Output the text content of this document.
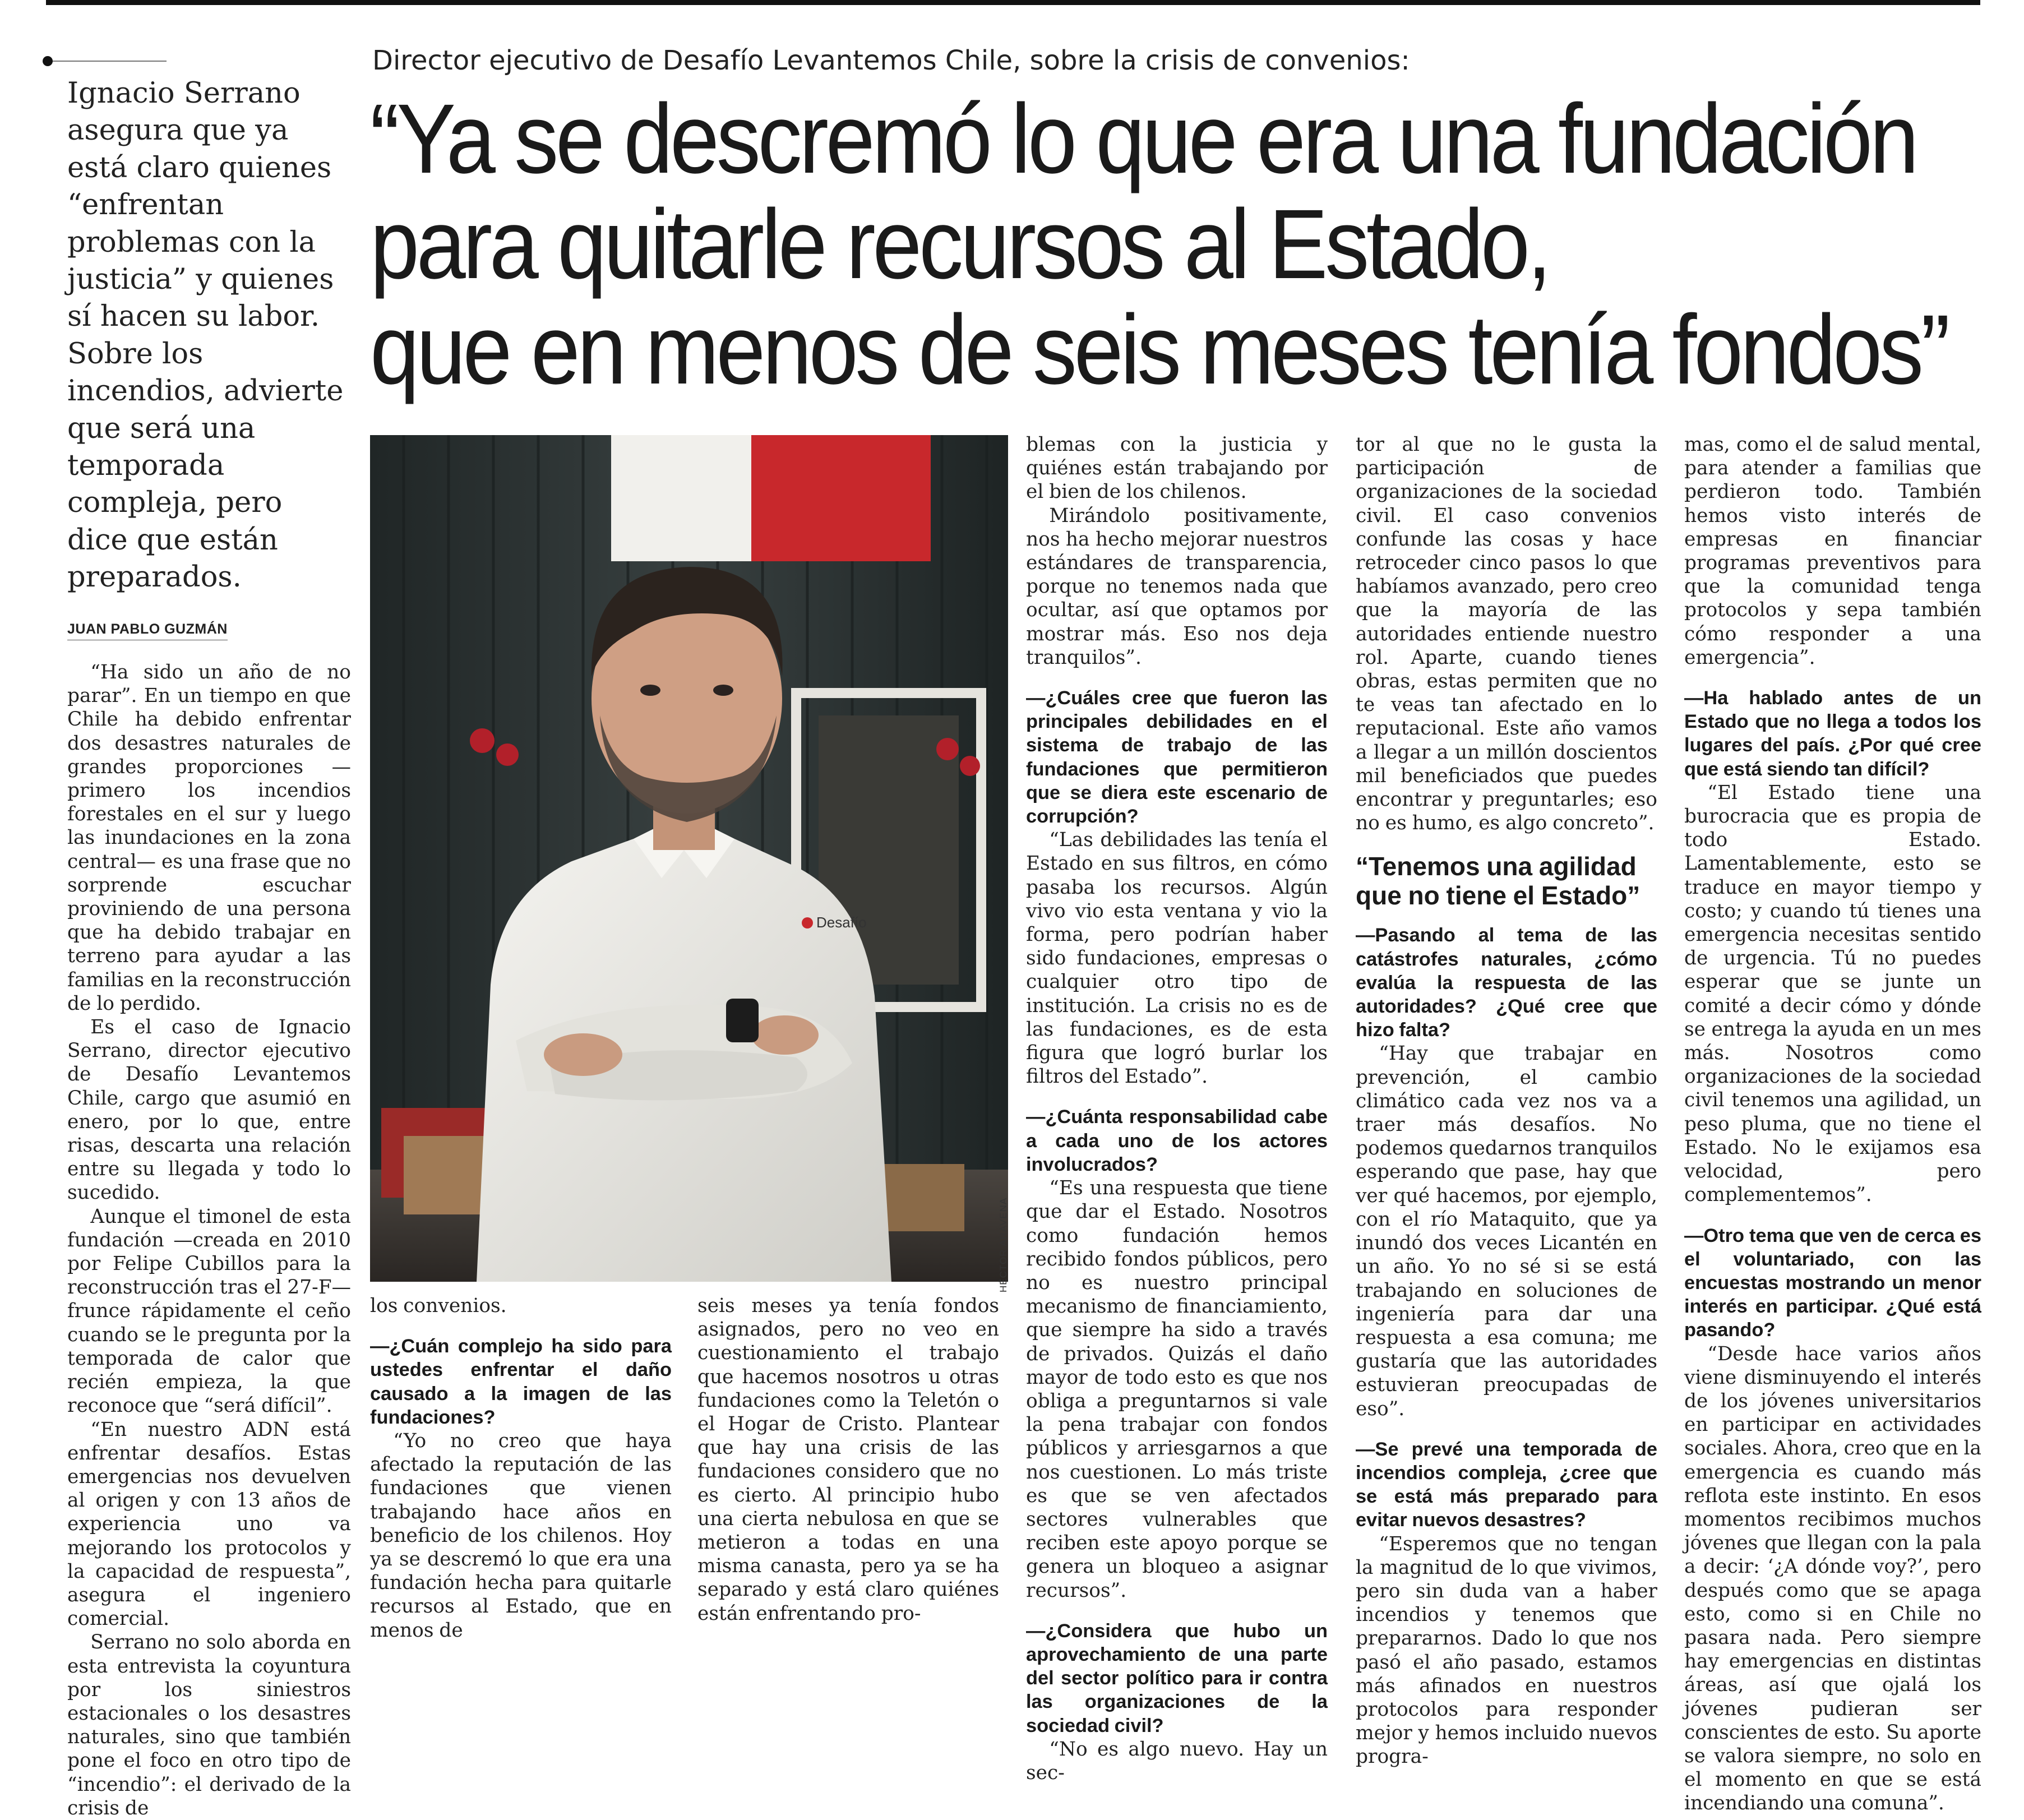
Ignacio Serrano
asegura que ya
está claro quienes
“enfrentan
problemas con la
justicia” y quienes
sí hacen su labor.
Sobre los
incendios, advierte
que será una
temporada
compleja, pero
dice que están
preparados.
JUAN PABLO GUZMÁN
Director ejecutivo de Desafío Levantemos Chile, sobre la crisis de convenios:
“Ya se descremó lo que era una fundación
para quitarle recursos al Estado,
que en menos de seis meses tenía fondos”
Desafío
HÉCTOR ARAVENA

“Ha sido un año de no parar”. En un tiempo en que Chile ha debido enfrentar dos desastres naturales de grandes proporciones —primero los incendios forestales en el sur y luego las inundaciones en la zona central— es una frase que no sorprende escuchar proviniendo de una persona que ha debido trabajar en terreno para ayudar a las familias en la reconstrucción de lo perdido.

Es el caso de Ignacio Serrano, director ejecutivo de Desafío Levantemos Chile, cargo que asumió en enero, por lo que, entre risas, descarta una relación entre su llegada y todo lo sucedido.

Aunque el timonel de esta fundación —creada en 2010 por Felipe Cubillos para la reconstrucción tras el 27-F— frunce rápidamente el ceño cuando se le pregunta por la temporada de calor que recién empieza, la que reconoce que “será difícil”.

“En nuestro ADN está enfrentar desafíos. Estas emergencias nos devuelven al origen y con 13 años de experiencia uno va mejorando los protocolos y la capacidad de respuesta”, asegura el ingeniero comercial.

Serrano no solo aborda en esta entrevista la coyuntura por los siniestros estacionales o los desastres naturales, sino que también pone el foco en otro tipo de “incendio”: el derivado de la crisis de

los convenios.

—¿Cuán complejo ha sido para ustedes enfrentar el daño causado a la imagen de las fundaciones?

“Yo no creo que haya afectado la reputación de las fundaciones que vienen trabajando hace años en beneficio de los chilenos. Hoy ya se descremó lo que era una fundación hecha para quitarle recursos al Estado, que en menos de

seis meses ya tenía fondos asignados, pero no veo en cuestionamiento el trabajo que hacemos nosotros u otras fundaciones como la Teletón o el Hogar de Cristo. Plantear que hay una crisis de las fundaciones considero que no es cierto. Al principio hubo una cierta nebulosa en que se metieron a todas en una misma canasta, pero ya se ha separado y está claro quiénes están enfrentando pro-

blemas con la justicia y quiénes están trabajando por el bien de los chilenos.

Mirándolo positivamente, nos ha hecho mejorar nuestros estándares de transparencia, porque no tenemos nada que ocultar, así que optamos por mostrar más. Eso nos deja tranquilos”.

—¿Cuáles cree que fueron las principales debilidades en el sistema de trabajo de las fundaciones que permitieron que se diera este escenario de corrupción?

“Las debilidades las tenía el Estado en sus filtros, en cómo pasaba los recursos. Algún vivo vio esta ventana y vio la forma, pero podrían haber sido fundaciones, empresas o cualquier otro tipo de institución. La crisis no es de las fundaciones, es de esta figura que logró burlar los filtros del Estado”.

—¿Cuánta responsabilidad cabe a cada uno de los actores involucrados?

“Es una respuesta que tiene que dar el Estado. Nosotros como fundación hemos recibido fondos públicos, pero no es nuestro principal mecanismo de financiamiento, que siempre ha sido a través de privados. Quizás el daño mayor de todo esto es que nos obliga a preguntarnos si vale la pena trabajar con fondos públicos y arriesgarnos a que nos cuestionen. Lo más triste es que se ven afectados sectores vulnerables que reciben este apoyo porque se genera un bloqueo a asignar recursos”.

—¿Considera que hubo un aprovechamiento de una parte del sector político para ir contra las organizaciones de la sociedad civil?

“No es algo nuevo. Hay un sec-

tor al que no le gusta la participación de organizaciones de la sociedad civil. El caso convenios confunde las cosas y hace retroceder cinco pasos lo que habíamos avanzado, pero creo que la mayoría de las autoridades entiende nuestro rol. Aparte, cuando tienes obras, estas permiten que no te veas tan afectado en lo reputacional. Este año vamos a llegar a un millón doscientos mil beneficiados que puedes encontrar y preguntarles; eso no es humo, es algo concreto”.

“Tenemos una agilidad que no tiene el Estado”

—Pasando al tema de las catástrofes naturales, ¿cómo evalúa la respuesta de las autoridades? ¿Qué cree que hizo falta?

“Hay que trabajar en prevención, el cambio climático cada vez nos va a traer más desafíos. No podemos quedarnos tranquilos esperando que pase, hay que ver qué hacemos, por ejemplo, con el río Mataquito, que ya inundó dos veces Licantén en un año. Yo no sé si se está trabajando en soluciones de ingeniería para dar una respuesta a esa comuna; me gustaría que las autoridades estuvieran preocupadas de eso”.

—Se prevé una temporada de incendios compleja, ¿cree que se está más preparado para evitar nuevos desastres?

“Esperemos que no tengan la magnitud de lo que vivimos, pero sin duda van a haber incendios y tenemos que prepararnos. Dado lo que nos pasó el año pasado, estamos más afinados en nuestros protocolos para responder mejor y hemos incluido nuevos progra-

mas, como el de salud mental, para atender a familias que perdieron todo. También hemos visto interés de empresas en financiar programas preventivos para que la comunidad tenga protocolos y sepa también cómo responder a una emergencia”.

—Ha hablado antes de un Estado que no llega a todos los lugares del país. ¿Por qué cree que está siendo tan difícil?

“El Estado tiene una burocracia que es propia de todo Estado. Lamentablemente, esto se traduce en mayor tiempo y costo; y cuando tú tienes una emergencia necesitas sentido de urgencia. Tú no puedes esperar que se junte un comité a decir cómo y dónde se entrega la ayuda en un mes más. Nosotros como organizaciones de la sociedad civil tenemos una agilidad, un peso pluma, que no tiene el Estado. No le exijamos esa velocidad, pero complementemos”.

—Otro tema que ven de cerca es el voluntariado, con las encuestas mostrando un menor interés en participar. ¿Qué está pasando?

“Desde hace varios años viene disminuyendo el interés de los jóvenes universitarios en participar en actividades sociales. Ahora, creo que en la emergencia es cuando más reflota este instinto. En esos momentos recibimos muchos jóvenes que llegan con la pala a decir: ‘¿A dónde voy?’, pero después como que se apaga esto, como si en Chile no pasara nada. Pero siempre hay emergencias en distintas áreas, así que ojalá los jóvenes pudieran ser conscientes de esto. Su aporte se valora siempre, no solo en el momento en que se está incendiando una comuna”.
